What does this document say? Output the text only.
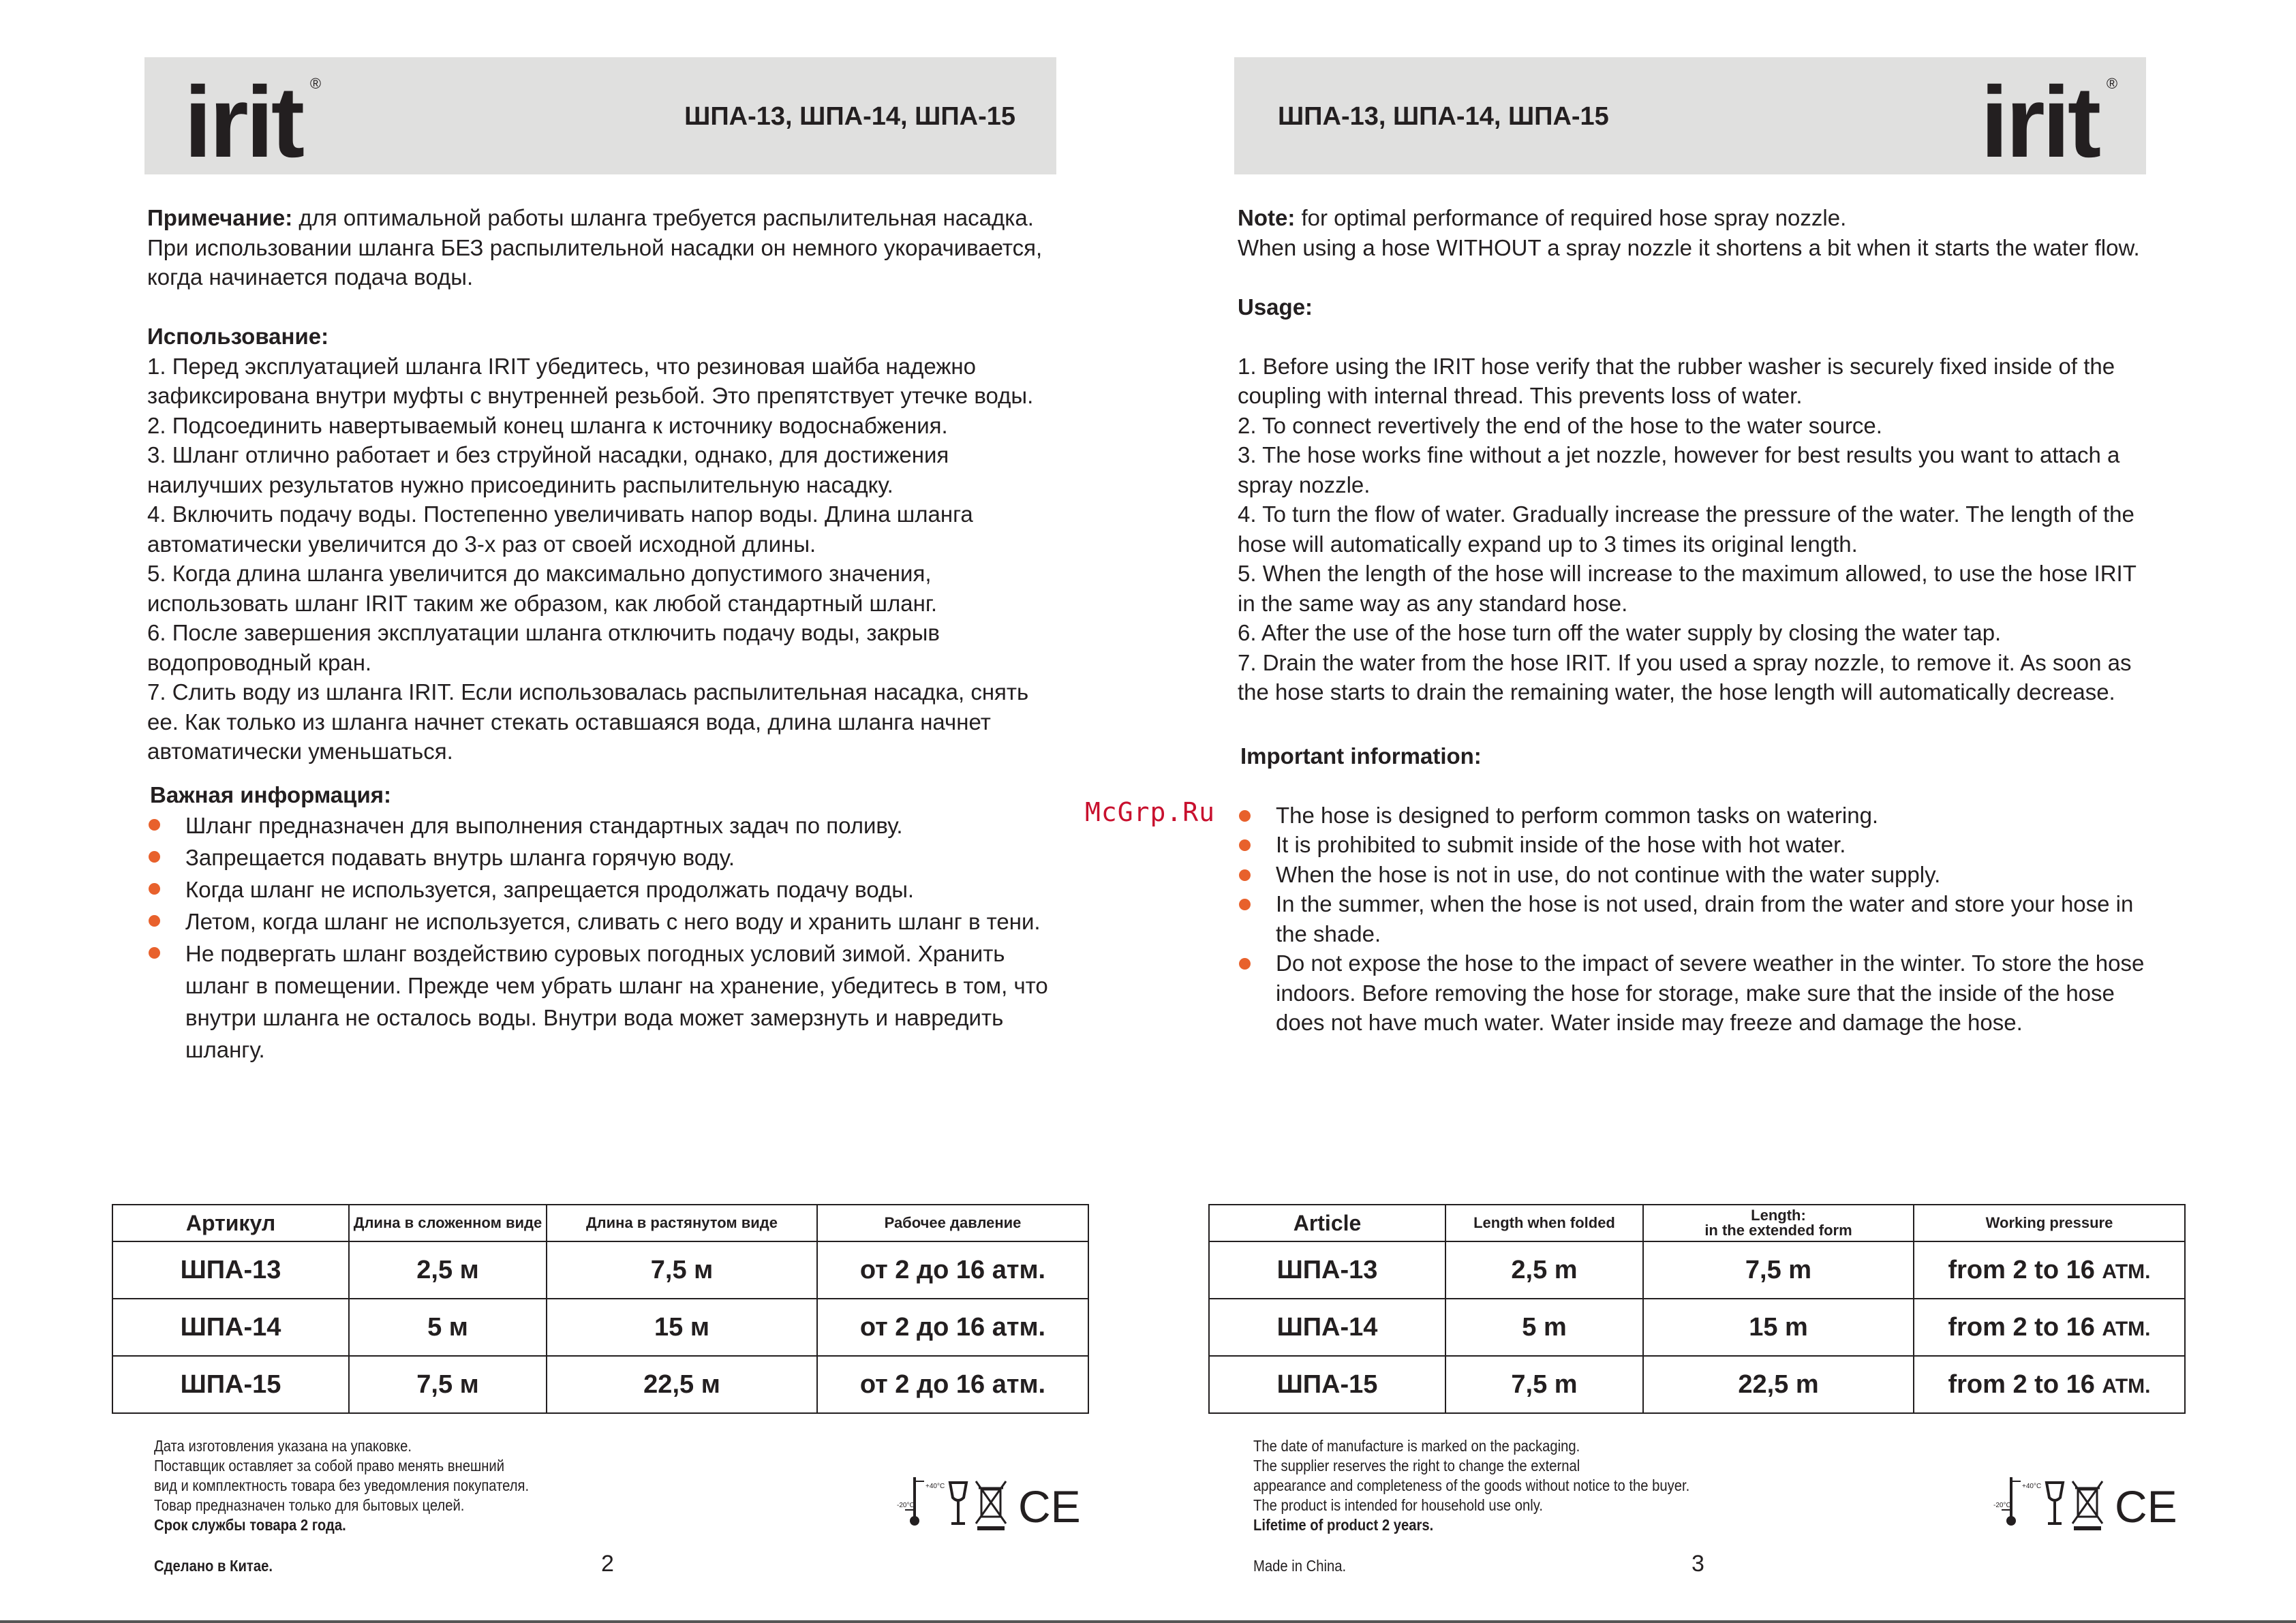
irit ®
ШПА-13, ШПА-14, ШПА-15

Примечание: для оптимальной работы шланга требуется распылительная насадка.

При использовании шланга БЕЗ распылительной насадки он немного укорачивается, когда начинается подача воды.

Использование:

1. Перед эксплуатацией шланга IRIT убедитесь, что резиновая шайба надежно зафиксирована внутри муфты с внутренней резьбой. Это препятствует утечке воды.

2. Подсоединить навертываемый конец шланга к источнику водоснабжения.

3. Шланг отлично работает и без струйной насадки, однако, для достижения наилучших результатов нужно присоединить распылительную насадку.

4. Включить подачу воды. Постепенно увеличивать напор воды. Длина шланга автоматически увеличится до 3-х раз от своей исходной длины.

5. Когда длина шланга увеличится до максимально допустимого значения, использовать шланг IRIT таким же образом, как любой стандартный шланг.

6. После завершения эксплуатации шланга отключить подачу воды, закрыв водопроводный кран.

7. Слить воду из шланга IRIT. Если использовалась распылительная насадка, снять ее. Как только из шланга начнет стекать оставшаяся вода, длина шланга начнет автоматически уменьшаться.

Важная информация:

Шланг предназначен для выполнения стандартных задач по поливу.
Запрещается подавать внутрь шланга горячую воду.
Когда шланг не используется, запрещается продолжать подачу воды.
Летом, когда шланг не используется, сливать с него воду и хранить шланг в тени.
Не подвергать шланг воздействию суровых погодных условий зимой. Хранить шланг в помещении. Прежде чем убрать шланг на хранение, убедитесь в том, что внутри шланга не осталось воды. Внутри вода может замерзнуть и навредить шлангу.
Артикул	Длина в сложенном виде	Длина в растянутом виде	Рабочее давление
ШПА-13	2,5 м	7,5 м	от 2 до 16 атм.
ШПА-14	5 м	15 м	от 2 до 16 атм.
ШПА-15	7,5 м	22,5 м	от 2 до 16 атм.
Дата изготовления указана на упаковке.
Поставщик оставляет за собой право менять внешний
вид и комплектность товара без уведомления покупателя.
Товар предназначен только для бытовых целей.
Срок службы товара 2 года.
Сделано в Китае.	2
+40°C
-20°C CE
McGrp.Ru
ШПА-13, ШПА-14, ШПА-15	irit ®

Note: for optimal performance of required hose spray nozzle.

When using a hose WITHOUT a spray nozzle it shortens a bit when it starts the water flow.

Usage:

1. Before using the IRIT hose verify that the rubber washer is securely fixed inside of the coupling with internal thread. This prevents loss of water.

2. To connect revertively the end of the hose to the water source.

3. The hose works fine without a jet nozzle, however for best results you want to attach a spray nozzle.

4. To turn the flow of water. Gradually increase the pressure of the water. The length of the hose will automatically expand up to 3 times its original length.

5. When the length of the hose will increase to the maximum allowed, to use the hose IRIT in the same way as any standard hose.

6. After the use of the hose turn off the water supply by closing the water tap.

7. Drain the water from the hose IRIT. If you used a spray nozzle, to remove it. As soon as the hose starts to drain the remaining water, the hose length will automatically decrease.

Important information:

The hose is designed to perform common tasks on watering.
It is prohibited to submit inside of the hose with hot water.
When the hose is not in use, do not continue with the water supply.
In the summer, when the hose is not used, drain from the water and store your hose in the shade.
Do not expose the hose to the impact of severe weather in the winter. To store the hose indoors. Before removing the hose for storage, make sure that the inside of the hose does not have much water. Water inside may freeze and damage the hose.
Article	Length when folded	Length:
in the extended form	Working pressure
ШПА-13	2,5 m	7,5 m	from 2 to 16 ATM.
ШПА-14	5 m	15 m	from 2 to 16 ATM.
ШПА-15	7,5 m	22,5 m	from 2 to 16 ATM.
The date of manufacture is marked on the packaging.
The supplier reserves the right to change the external
appearance and completeness of the goods without notice to the buyer.
The product is intended for household use only.
Lifetime of product 2 years.
Made in China.	3
+40°C
-20°C CE
